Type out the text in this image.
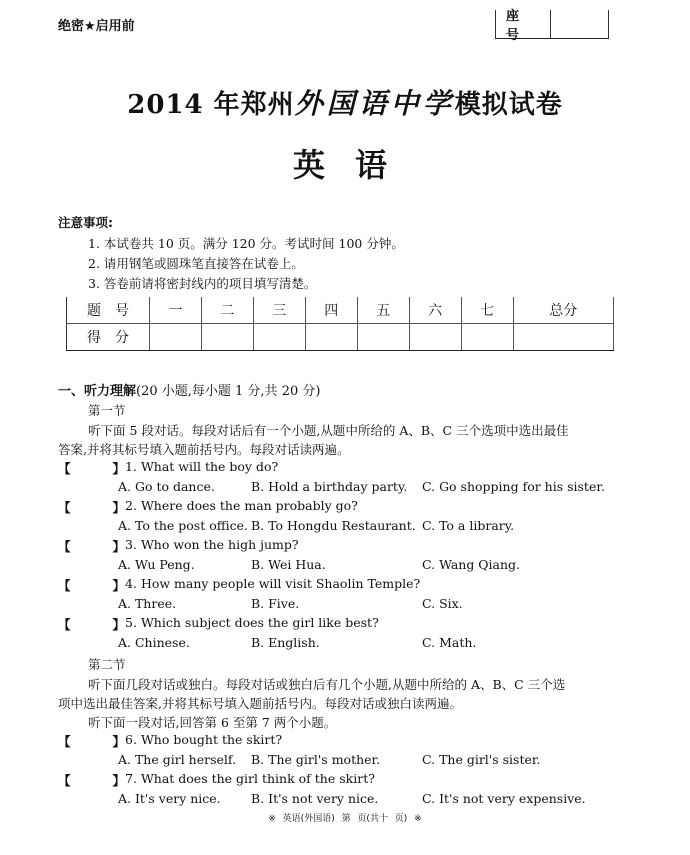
绝密★启用前
座号
2014 年郑州外国语中学模拟试卷
英语
注意事项:
1. 本试卷共 10 页。满分 120 分。考试时间 100 分钟。
2. 请用钢笔或圆珠笔直接答在试卷上。
3. 答卷前请将密封线内的项目填写清楚。
题号	一	二	三	四	五	六	七	总分
得分								
一、听力理解(20 小题,每小题 1 分,共 20 分)
第一节
听下面 5 段对话。每段对话后有一个小题,从题中所给的 A、B、C 三个选项中选出最佳
答案,并将其标号填入题前括号内。每段对话读两遍。
【	】 1 . What will the boy do?
A. Go to dance.	B. Hold a birthday party. C. Go shopping for his sister.
【	】 2 . Where does the man probably go?
A. To the post office. B. To Hongdu Restaurant. C. To a library.
【	】 3 . Who won the high jump?
A. Wu Peng.	B. Wei Hua.	C. Wang Qiang.
【	】 4 . How many people will visit Shaolin Temple?
A. Three.	B. Five.	C. Six.
【	】 5 . Which subject does the girl like best?
A. Chinese.	B. English.	C. Math.
第二节
听下面几段对话或独白。每段对话或独白后有几个小题,从题中所给的 A、B、C 三个选
项中选出最佳答案,并将其标号填入题前括号内。每段对话或独白读两遍。
听下面一段对话,回答第 6 至第 7 两个小题。
【	】 6 . Who bought the skirt?
A. The girl herself. B. The girl's mother.	C. The girl's sister.
【	】 7 . What does the girl think of the skirt?
A. It's very nice. B. It's not very nice.	C. It's not very expensive.
※ 英语(外国语) 第 页(共十 页) ※
